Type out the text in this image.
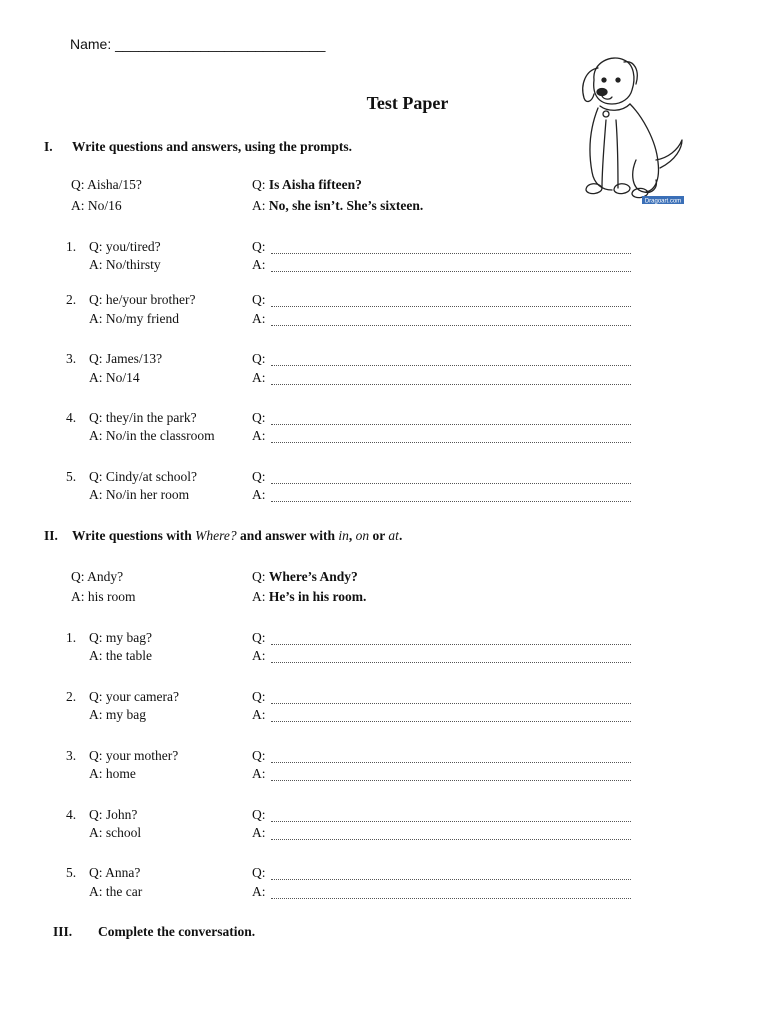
Name: ___________________________
Test Paper
Dragoart.com
I. Write questions and answers, using the prompts.
Q: Aisha/15?
A: No/16
Q: Is Aisha fifteen?
A: No, she isn’t. She’s sixteen.
1. Q: you/tired?
A: No/thirsty
Q:
A:
2. Q: he/your brother?
A: No/my friend
Q:
A:
3. Q: James/13?
A: No/14
Q:
A:
4. Q: they/in the park?
A: No/in the classroom
Q:
A:
5. Q: Cindy/at school?
A: No/in her room
Q:
A:
II. Write questions with Where? and answer with in, on or at.
Q: Andy?
A: his room
Q: Where’s Andy?
A: He’s in his room.
1. Q: my bag?
A: the table
Q:
A:
2. Q: your camera?
A: my bag
Q:
A:
3. Q: your mother?
A: home
Q:
A:
4. Q: John?
A: school
Q:
A:
5. Q: Anna?
A: the car
Q:
A:
III. Complete the conversation.
